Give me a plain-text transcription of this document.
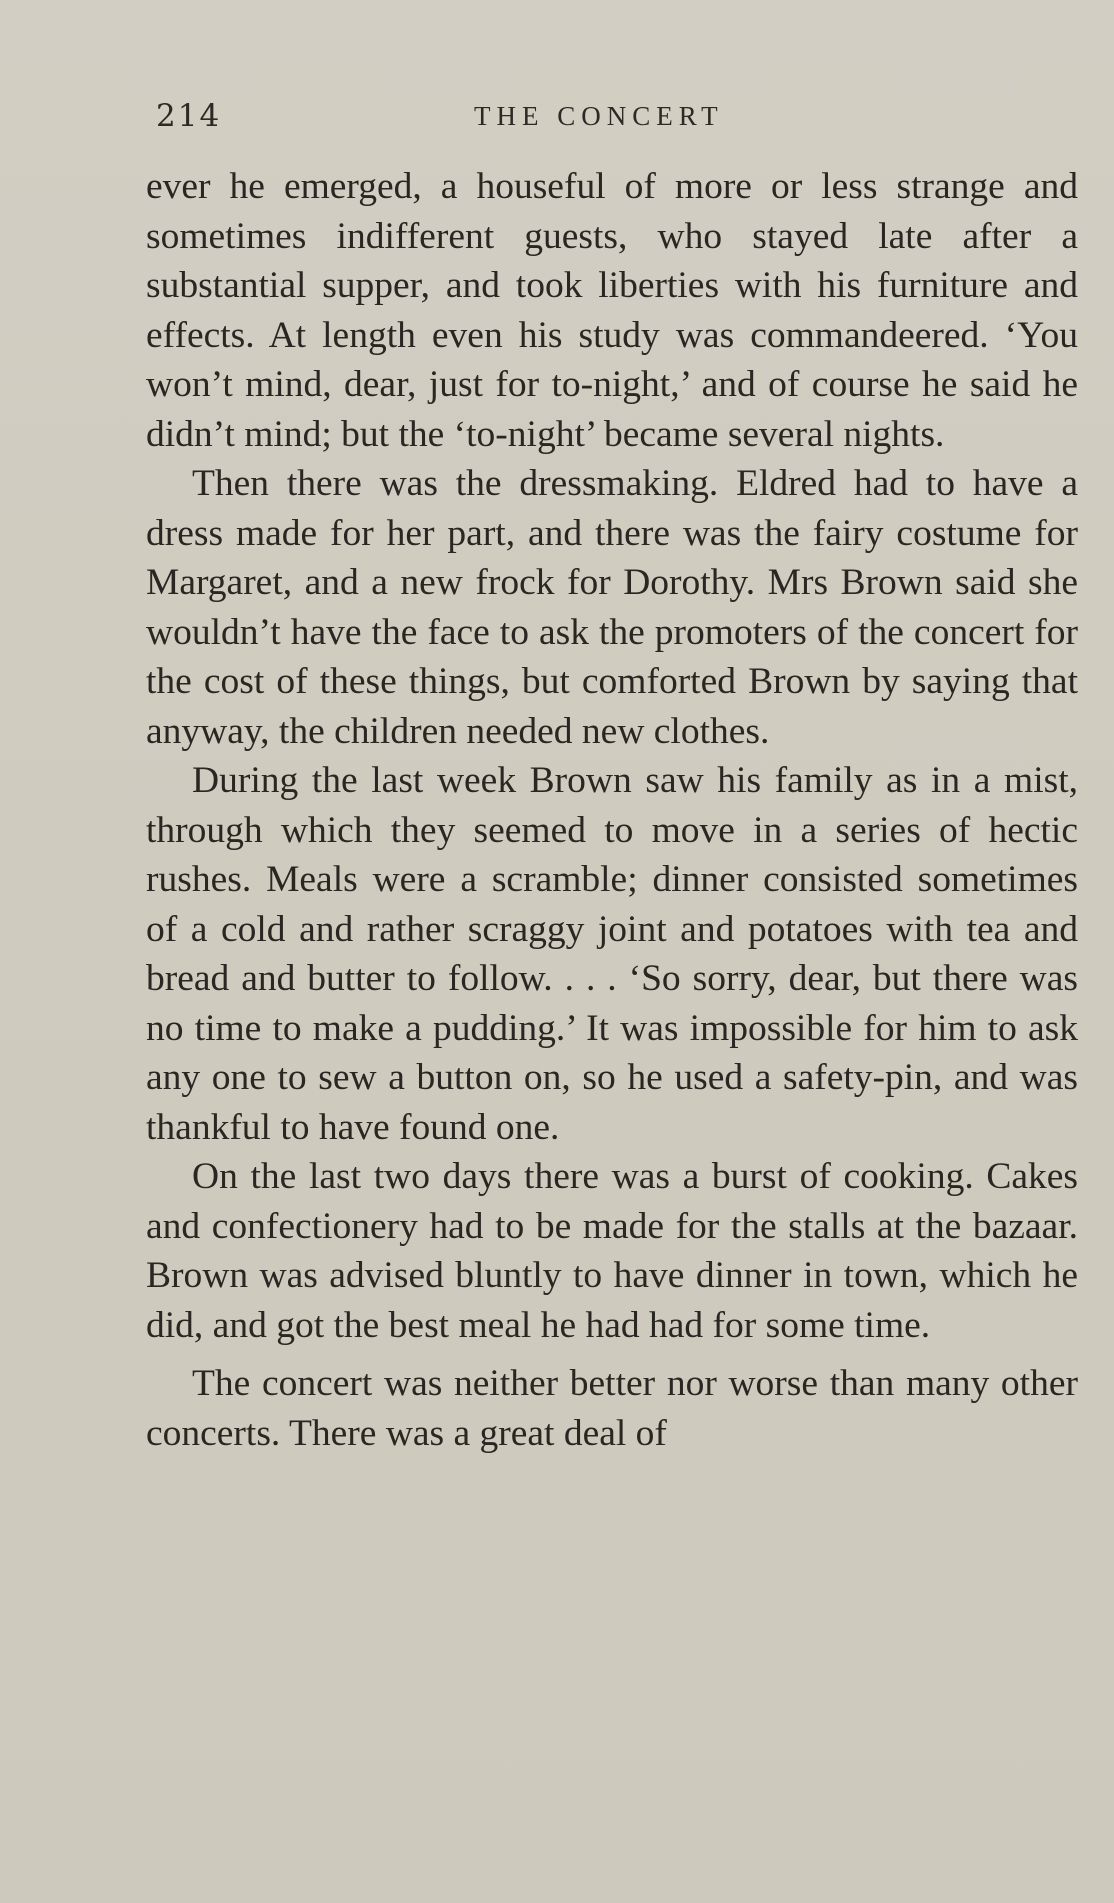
214	THE CONCERT

ever he emerged, a houseful of more or less strange and sometimes indifferent guests, who stayed late after a substantial supper, and took liberties with his furniture and effects. At length even his study was commandeered. ‘You won’t mind, dear, just for to-night,’ and of course he said he didn’t mind; but the ‘to-night’ became several nights.

Then there was the dressmaking. Eldred had to have a dress made for her part, and there was the fairy costume for Margaret, and a new frock for Dorothy. Mrs Brown said she wouldn’t have the face to ask the promoters of the concert for the cost of these things, but comforted Brown by saying that anyway, the children needed new clothes.

During the last week Brown saw his family as in a mist, through which they seemed to move in a series of hectic rushes. Meals were a scramble; dinner consisted sometimes of a cold and rather scraggy joint and potatoes with tea and bread and butter to follow. . . . ‘So sorry, dear, but there was no time to make a pudding.’ It was impossible for him to ask any one to sew a button on, so he used a safety-pin, and was thankful to have found one.

On the last two days there was a burst of cooking. Cakes and confectionery had to be made for the stalls at the bazaar. Brown was advised bluntly to have dinner in town, which he did, and got the best meal he had had for some time.

The concert was neither better nor worse than many other concerts. There was a great deal of
